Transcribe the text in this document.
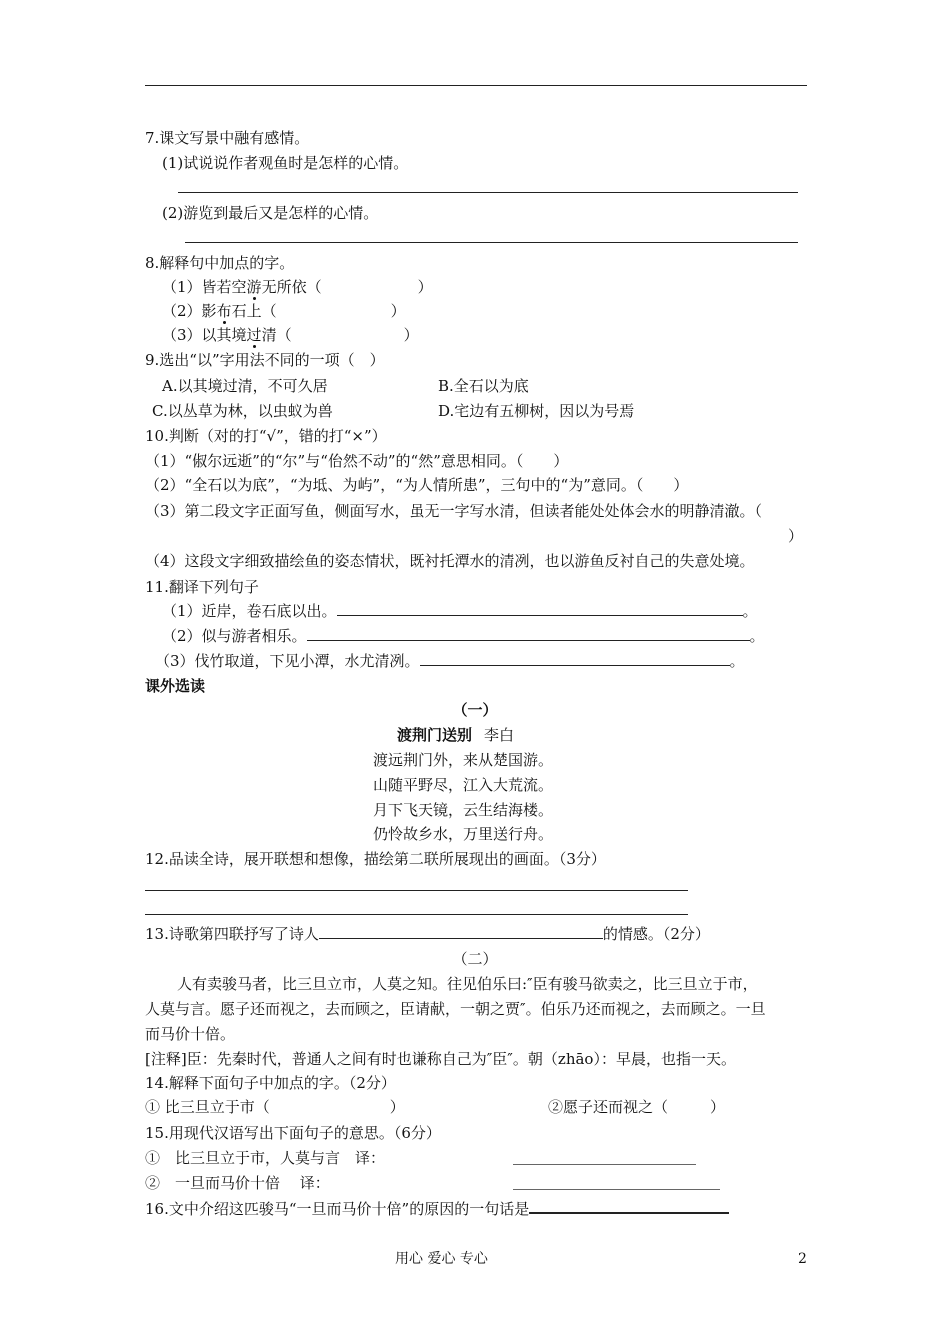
7.课文写景中融有感情。
(1)试说说作者观鱼时是怎样的心情。
(2)游览到最后又是怎样的心情。
8.解释句中加点的字。
（1）皆若空游无所依（	）
（2）影布石上（	）
（3）以其境过清（	）
9.选出“以”字用法不同的一项（　）
A.以其境过清，不可久居	B.全石以为底
C.以丛草为林，以虫蚁为兽	D.宅边有五柳树，因以为号焉
10.判断（对的打“√”，错的打“×”）
（1）“俶尔远逝”的“尔”与“佁然不动”的“然”意思相同。（　　）
（2）“全石以为底”，“为坻、为屿”，“为人情所患”，三句中的“为”意同。（　　）
（3）第二段文字正面写鱼，侧面写水，虽无一字写水清，但读者能处处体会水的明静清澈。（
）
（4）这段文字细致描绘鱼的姿态情状，既衬托潭水的清冽，也以游鱼反衬自己的失意处境。
11.翻译下列句子
（1）近岸，卷石底以出。	。
（2）似与游者相乐。	。
（3）伐竹取道，下见小潭，水尤清冽。	。
课外选读
（一）
渡荆门送别 李白
渡远荆门外，来从楚国游。
山随平野尽，江入大荒流。
月下飞天镜，云生结海楼。
仍怜故乡水，万里送行舟。
12.品读全诗，展开联想和想像，描绘第二联所展现出的画面。（3分）
13.诗歌第四联抒写了诗人	的情感。（2分）
（二）
人有卖骏马者，比三旦立市，人莫之知。往见伯乐曰:″臣有骏马欲卖之，比三旦立于市，
人莫与言。愿子还而视之，去而顾之，臣请献，一朝之贾″。伯乐乃还而视之，去而顾之。一旦
而马价十倍。
[注释]臣：先秦时代，普通人之间有时也谦称自己为″臣″。朝（zhāo）：早晨，也指一天。
14.解释下面句子中加点的字。（2分）
① 比三旦立于市（	）	②愿子还而视之（	）
15.用现代汉语写出下面句子的意思。（6分）
①　比三旦立于市，人莫与言　译：
②　一旦而马价十倍　 译：
16.文中介绍这匹骏马“一旦而马价十倍”的原因的一句话是
用心 爱心 专心	2
